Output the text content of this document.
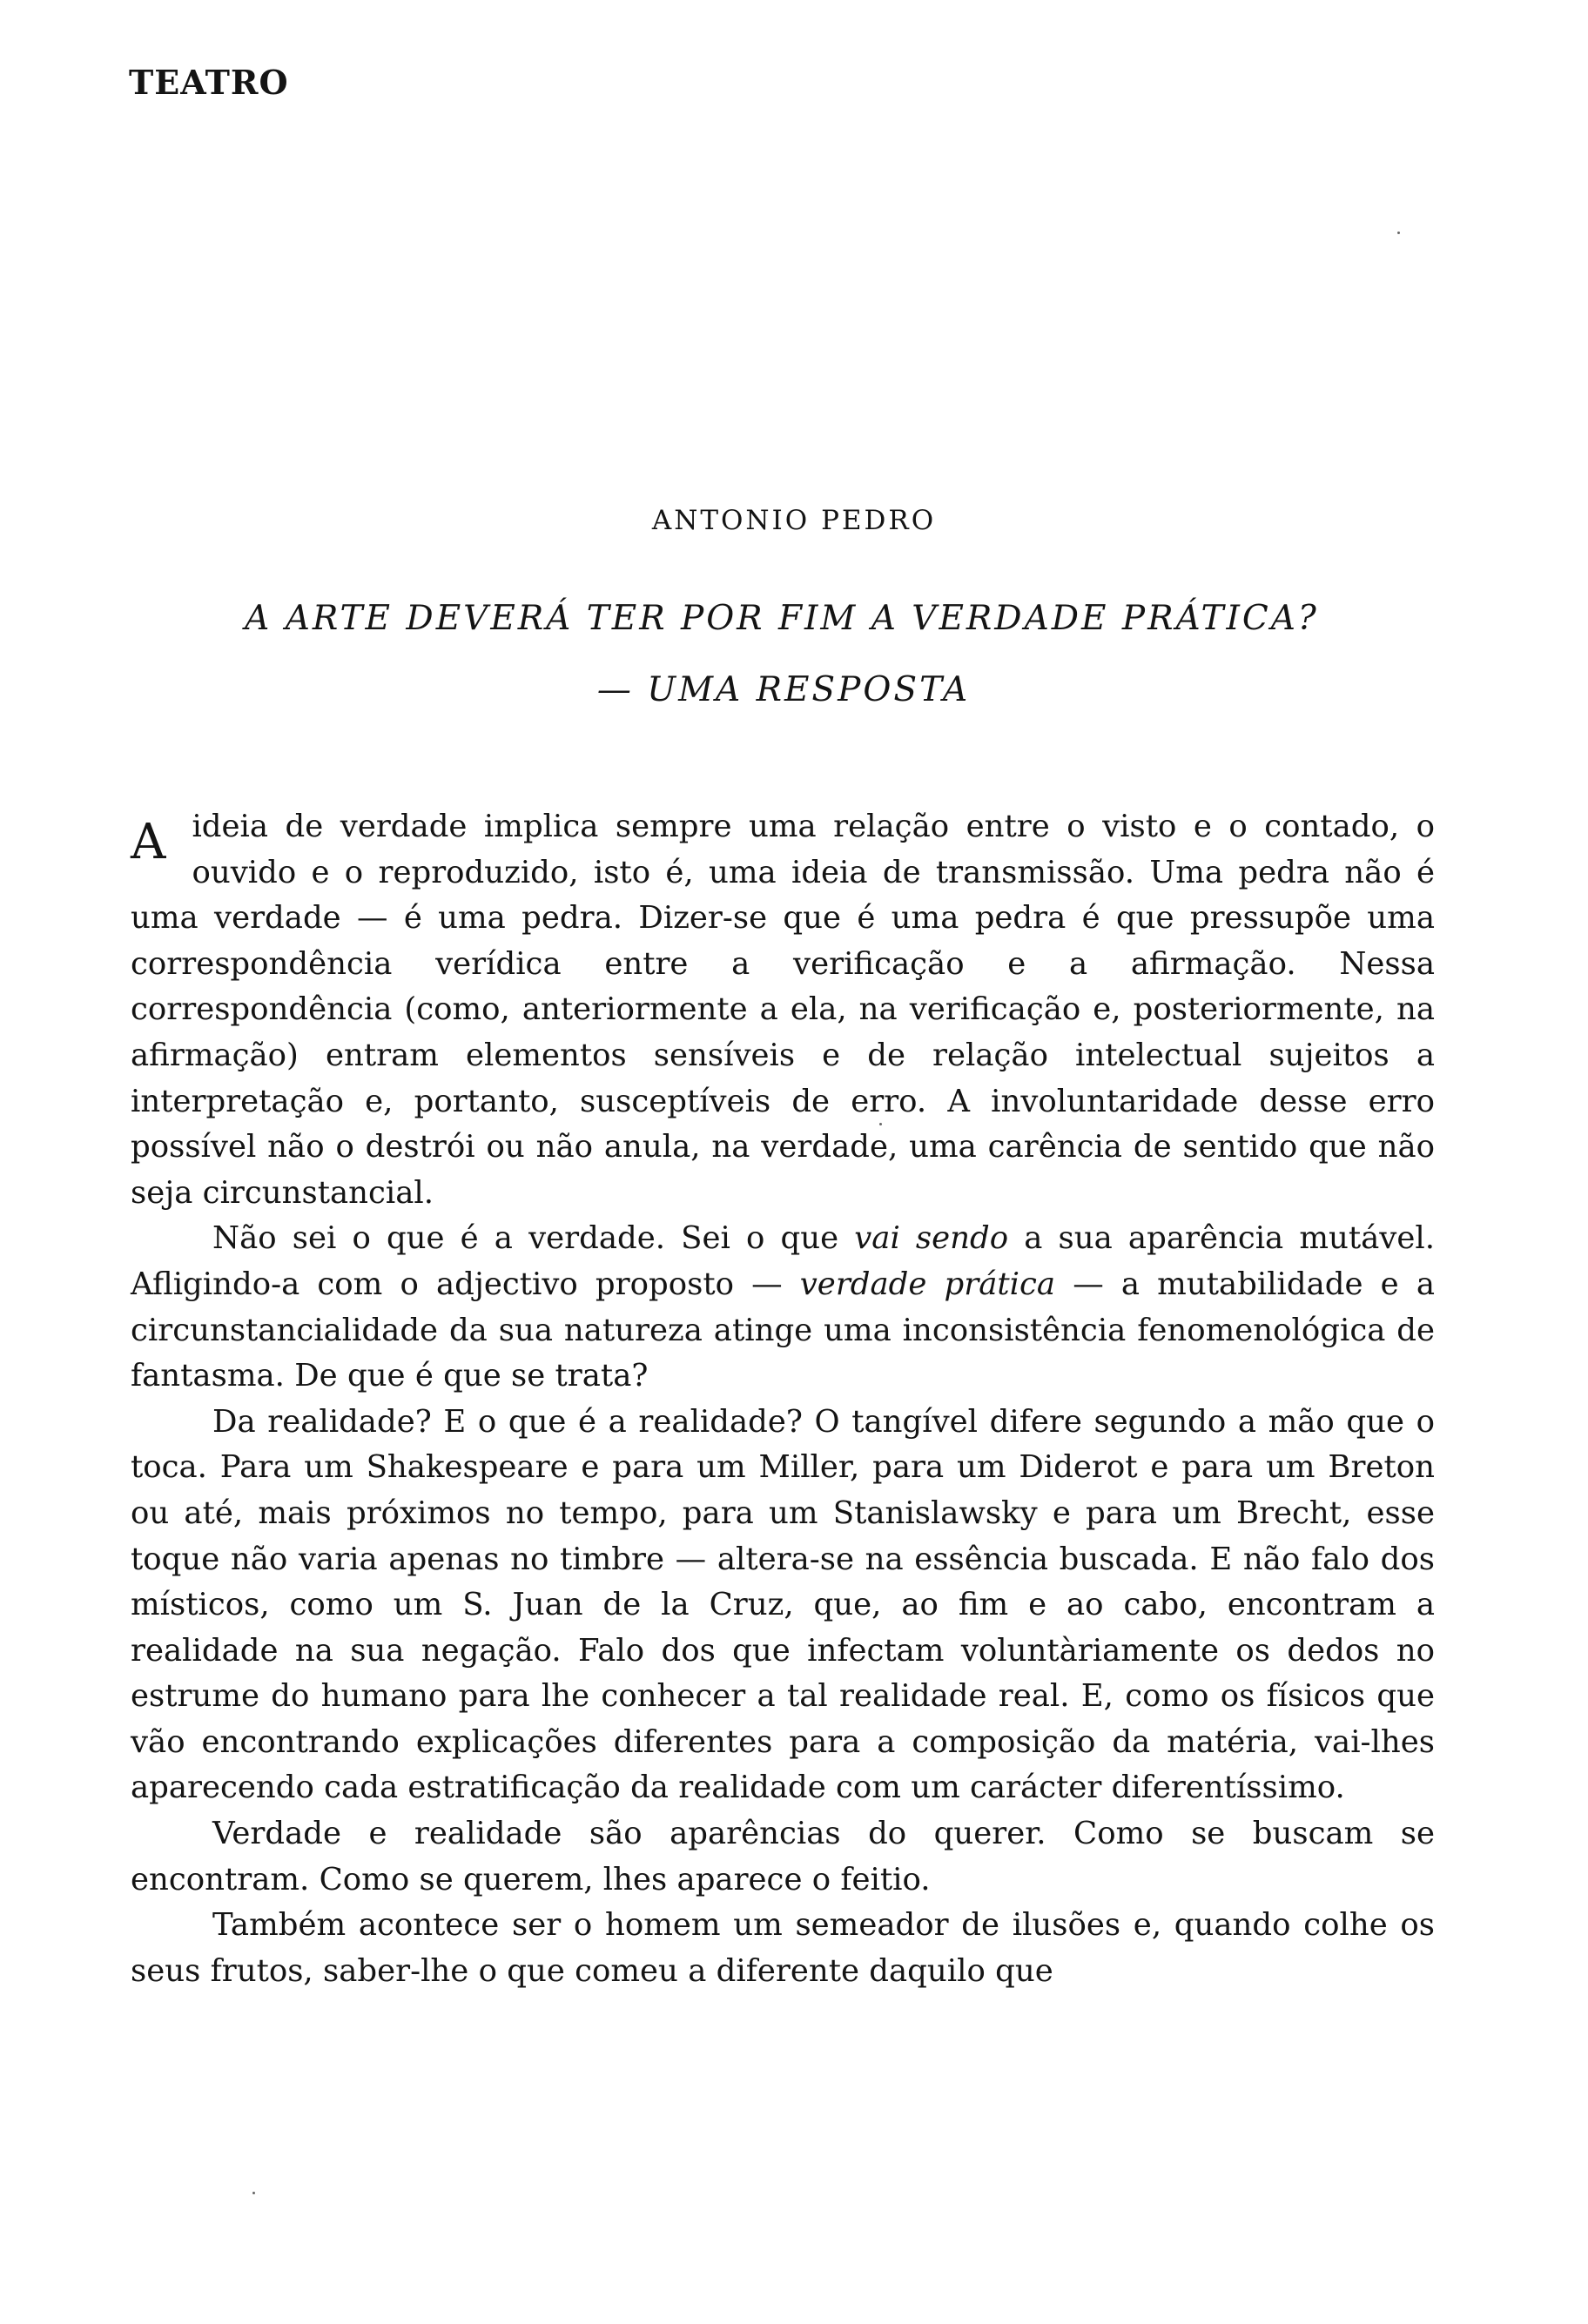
TEATRO
ANTONIO PEDRO
A ARTE DEVERÁ TER POR FIM A VERDADE PRÁTICA?
— UMA RESPOSTA

Aideia de verdade implica sempre uma relação entre o visto e o contado, o ouvido e o reproduzido, isto é, uma ideia de transmissão. Uma pedra não é uma verdade — é uma pedra. Dizer-se que é uma pedra é que pressupõe uma correspondência verídica entre a verificação e a afirmação. Nessa correspondência (como, anteriormente a ela, na verificação e, posteriormente, na afirmação) entram elementos sensíveis e de relação intelectual sujeitos a interpretação e, portanto, susceptíveis de erro. A involuntaridade desse erro possível não o destrói ou não anula, na verdade, uma carência de sentido que não seja circunstancial.

Não sei o que é a verdade. Sei o que vai sendo a sua aparência mutável. Afligindo-a com o adjectivo proposto — verdade prática — a mutabilidade e a circunstancialidade da sua natureza atinge uma inconsistência fenomenológica de fantasma. De que é que se trata?

Da realidade? E o que é a realidade? O tangível difere segundo a mão que o toca. Para um Shakespeare e para um Miller, para um Diderot e para um Breton ou até, mais próximos no tempo, para um Stanislawsky e para um Brecht, esse toque não varia apenas no timbre — altera-se na essência buscada. E não falo dos místicos, como um S. Juan de la Cruz, que, ao fim e ao cabo, encontram a realidade na sua negação. Falo dos que infectam voluntàriamente os dedos no estrume do humano para lhe conhecer a tal realidade real. E, como os físicos que vão encontrando explicações diferentes para a composição da matéria, vai-lhes aparecendo cada estratificação da realidade com um carácter diferentíssimo.

Verdade e realidade são aparências do querer. Como se buscam se encontram. Como se querem, lhes aparece o feitio.

Também acontece ser o homem um semeador de ilusões e, quando colhe os seus frutos, saber-lhe o que comeu a diferente daquilo que
